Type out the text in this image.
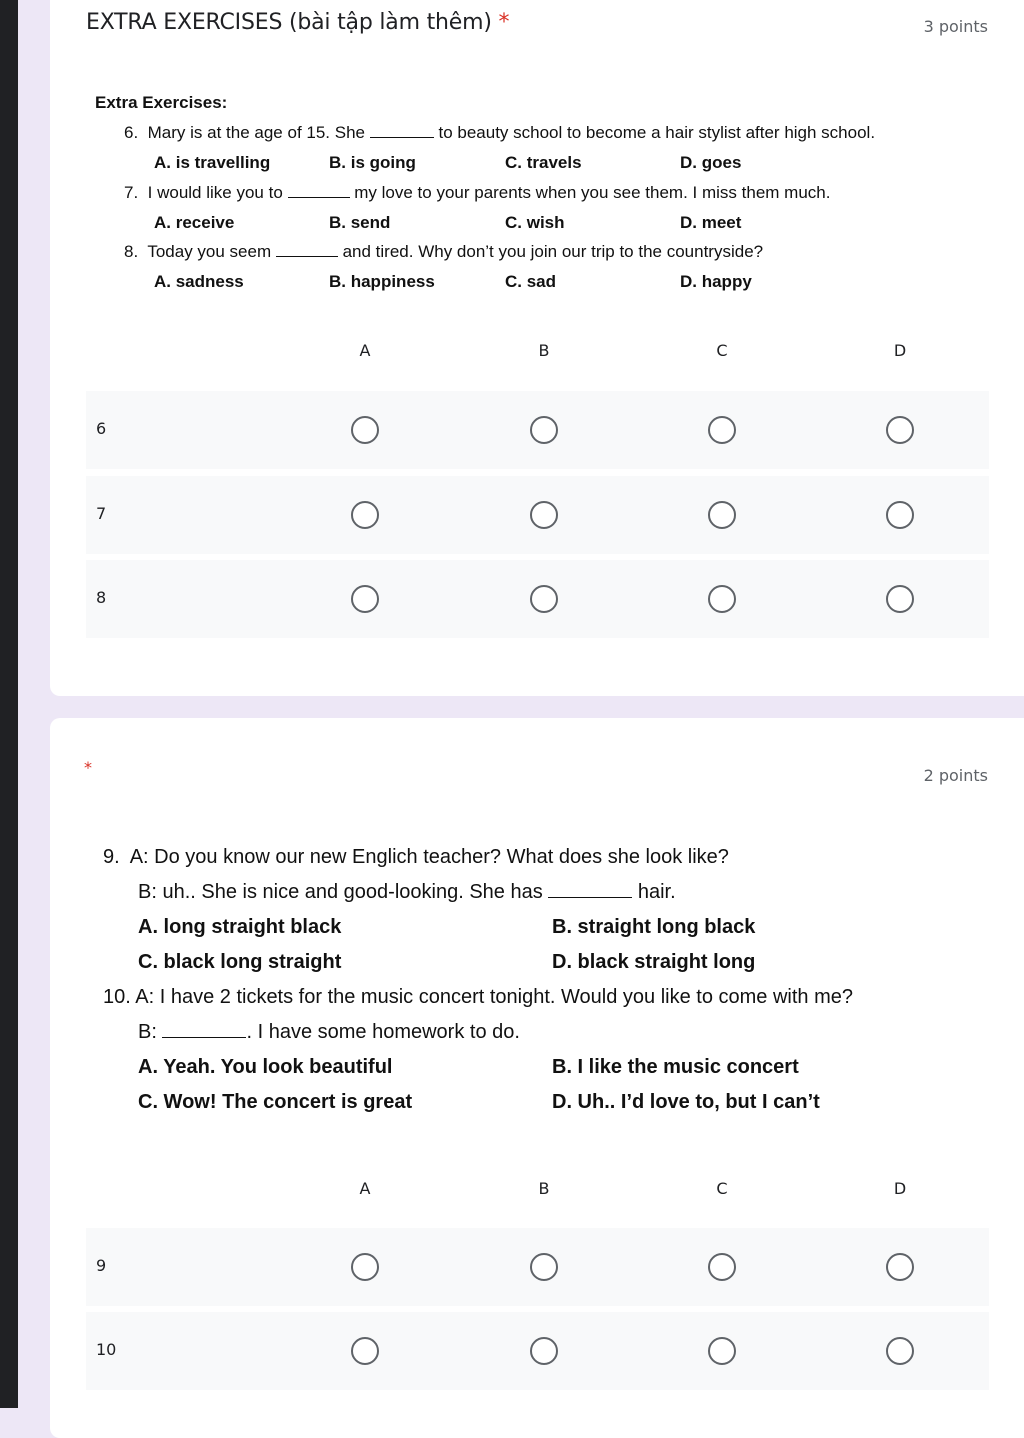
EXTRA EXERCISES (bài tập làm thêm) *	3 points
Extra Exercises:
6. Mary is at the age of 15. She	to beauty school to become a hair stylist after high school.
A. is travelling	B. is going	C. travels	D. goes
7. I would like you to	my love to your parents when you see them. I miss them much.
A. receive	B. send	C. wish	D. meet
8. Today you seem	and tired. Why don’t you join our trip to the countryside?
A. sadness	B. happiness	C. sad	D. happy
A	B	C	D
6
7
8
*	2 points
9. A: Do you know our new Englich teacher? What does she look like?
B: uh.. She is nice and good-looking. She has	hair.
A. long straight black	B. straight long black
C. black long straight	D. black straight long
10. A: I have 2 tickets for the music concert tonight. Would you like to come with me?
B:	. I have some homework to do.
A. Yeah. You look beautiful	B. I like the music concert
C. Wow! The concert is great	D. Uh.. I’d love to, but I can’t
A	B	C	D
9
10
